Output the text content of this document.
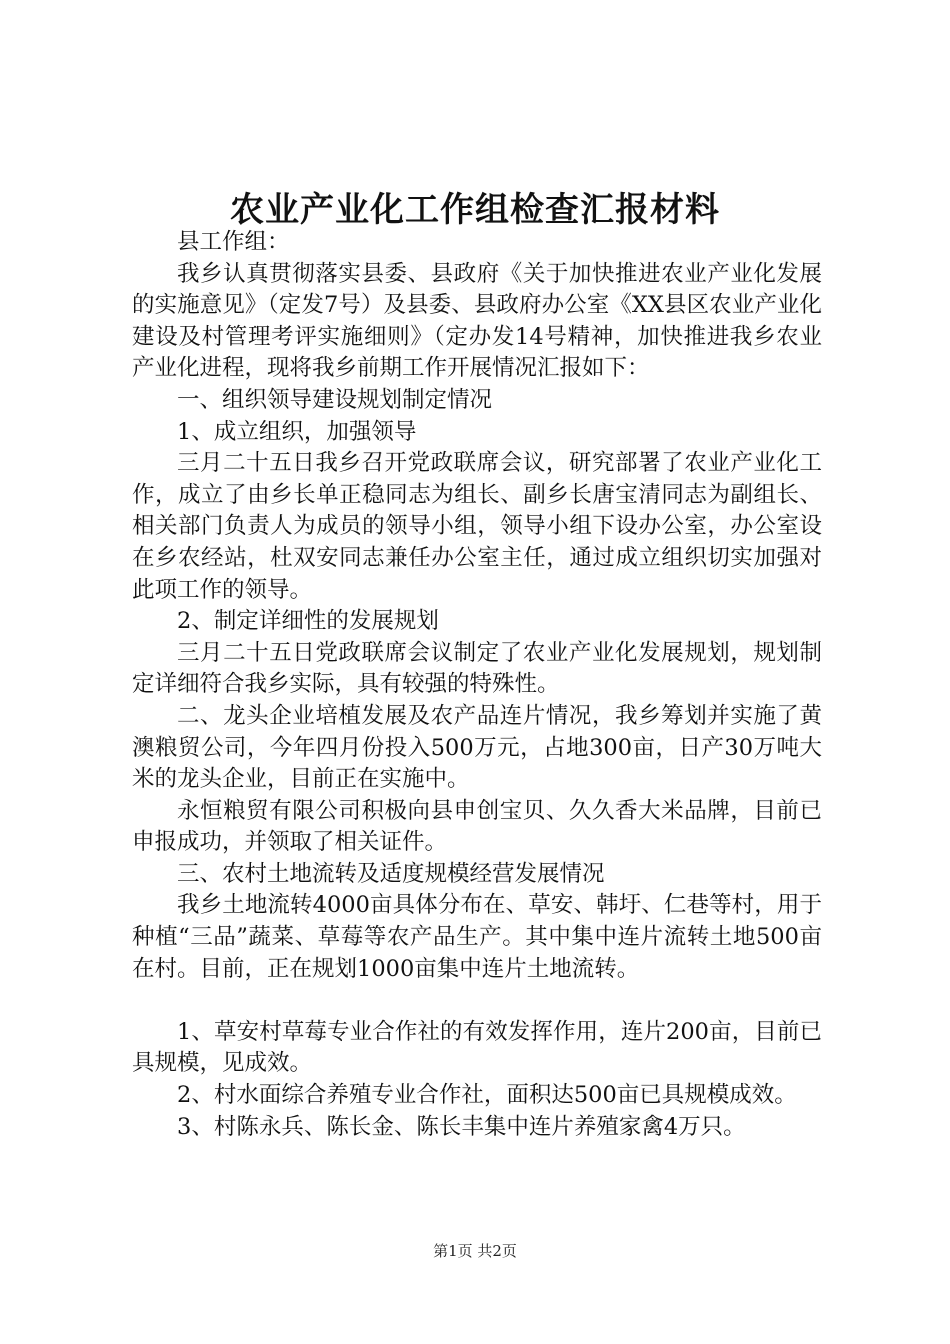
农业产业化工作组检查汇报材料

县工作组：

我乡认真贯彻落实县委、县政府《关于加快推进农业产业化发展的实施意见》（定发7号）及县委、县政府办公室《XX县区农业产业化建设及村管理考评实施细则》（定办发14号精神，加快推进我乡农业产业化进程，现将我乡前期工作开展情况汇报如下：

一、组织领导建设规划制定情况

1、成立组织，加强领导

三月二十五日我乡召开党政联席会议，研究部署了农业产业化工作，成立了由乡长单正稳同志为组长、副乡长唐宝清同志为副组长、相关部门负责人为成员的领导小组，领导小组下设办公室，办公室设在乡农经站，杜双安同志兼任办公室主任，通过成立组织切实加强对此项工作的领导。

2、制定详细性的发展规划

三月二十五日党政联席会议制定了农业产业化发展规划，规划制定详细符合我乡实际，具有较强的特殊性。

二、龙头企业培植发展及农产品连片情况，我乡筹划并实施了黄澳粮贸公司，今年四月份投入500万元，占地300亩，日产30万吨大米的龙头企业，目前正在实施中。

永恒粮贸有限公司积极向县申创宝贝、久久香大米品牌，目前已申报成功，并领取了相关证件。

三、农村土地流转及适度规模经营发展情况

我乡土地流转4000亩具体分布在、草安、韩圩、仁巷等村，用于种植“三品”蔬菜、草莓等农产品生产。其中集中连片流转土地500亩在村。目前，正在规划1000亩集中连片土地流转。

1、草安村草莓专业合作社的有效发挥作用，连片200亩，目前已具规模，见成效。

2、村水面综合养殖专业合作社，面积达500亩已具规模成效。

3、村陈永兵、陈长金、陈长丰集中连片养殖家禽4万只。

第1页 共2页
